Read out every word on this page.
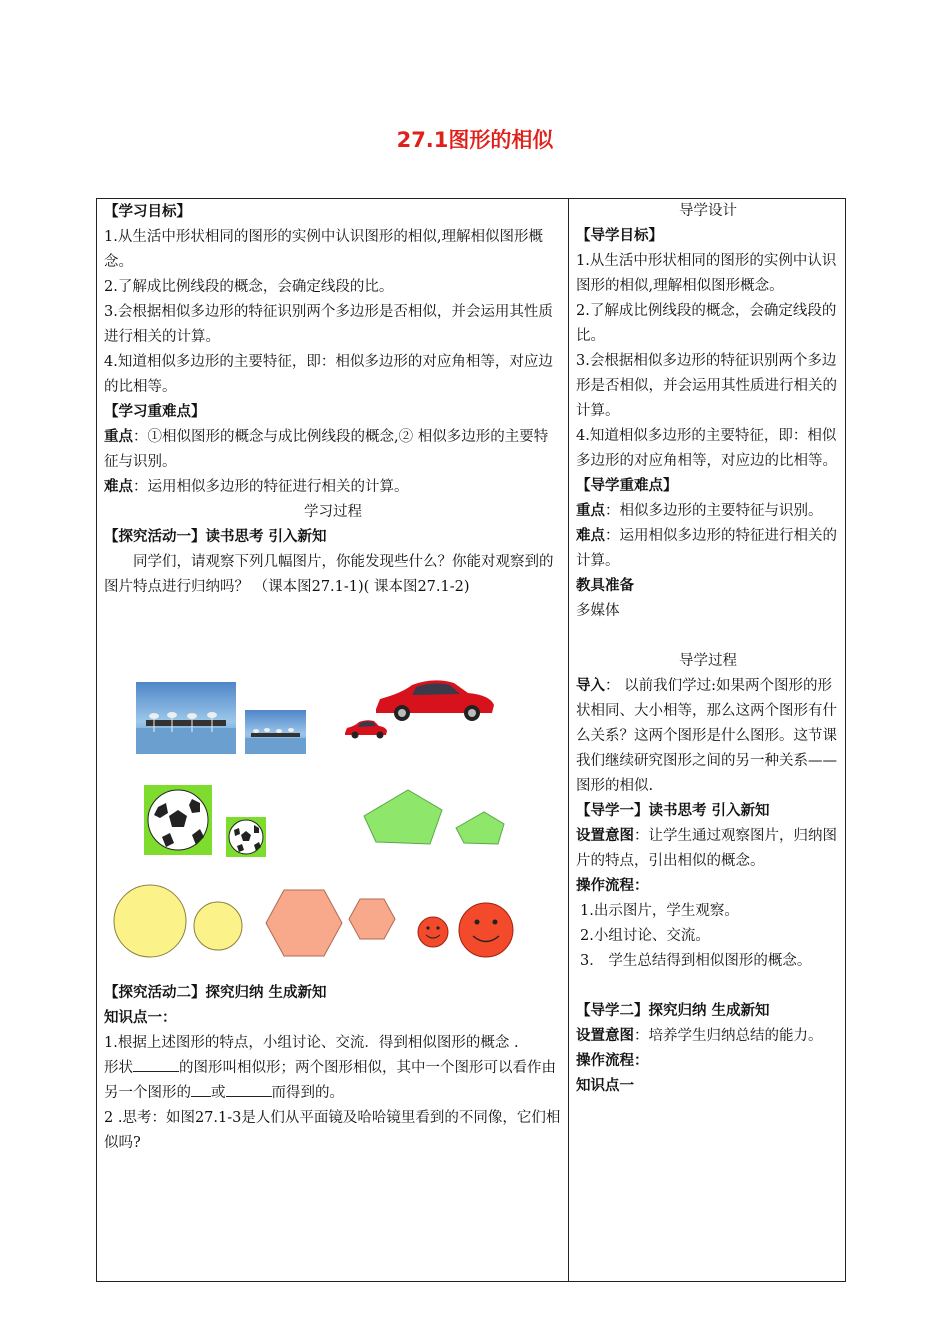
27.1图形的相似

【学习目标】

1.从生活中形状相同的图形的实例中认识图形的相似,理解相似图形概念。

2.了解成比例线段的概念，会确定线段的比。

3.会根据相似多边形的特征识别两个多边形是否相似，并会运用其性质进行相关的计算。

4.知道相似多边形的主要特征，即：相似多边形的对应角相等，对应边的比相等。

【学习重难点】

重点：①相似图形的概念与成比例线段的概念,② 相似多边形的主要特征与识别。

难点：运用相似多边形的特征进行相关的计算。

学习过程

【探究活动一】读书思考 引入新知

同学们，请观察下列几幅图片，你能发现些什么？你能对观察到的图片特点进行归纳吗？ （课本图27.1-1)( 课本图27.1-2)

【探究活动二】探究归纳 生成新知

知识点一：

1.根据上述图形的特点，小组讨论、交流．得到相似图形的概念 .

形状	的图形叫相似形；两个图形相似，其中一个图形可以看作由另一个图形的 或	而得到的。

2 .思考：如图27.1-3是人们从平面镜及哈哈镜里看到的不同像，它们相似吗?

导学设计

【导学目标】

1.从生活中形状相同的图形的实例中认识图形的相似,理解相似图形概念。

2.了解成比例线段的概念，会确定线段的比。

3.会根据相似多边形的特征识别两个多边形是否相似，并会运用其性质进行相关的计算。

4.知道相似多边形的主要特征，即：相似多边形的对应角相等，对应边的比相等。

【导学重难点】

重点：相似多边形的主要特征与识别。

难点：运用相似多边形的特征进行相关的计算。

教具准备

多媒体

导学过程

导入： 以前我们学过:如果两个图形的形状相同、大小相等，那么这两个图形有什么关系？这两个图形是什么图形。这节课我们继续研究图形之间的另一种关系——图形的相似.

【导学一】读书思考 引入新知

设置意图：让学生通过观察图片，归纳图片的特点，引出相似的概念。

操作流程：

1.出示图片，学生观察。

2.小组讨论、交流。

3． 学生总结得到相似图形的概念。

【导学二】探究归纳 生成新知

设置意图：培养学生归纳总结的能力。

操作流程：

知识点一
